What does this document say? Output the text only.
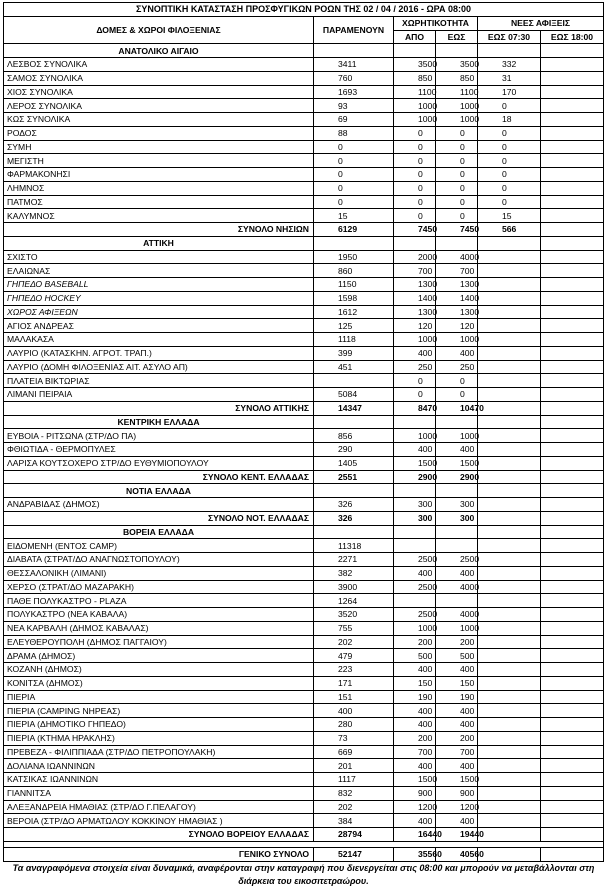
ΣΥΝΟΠΤΙΚΗ ΚΑΤΑΣΤΑΣΗ ΠΡΟΣΦΥΓΙΚΩΝ ΡΟΩΝ ΤΗΣ 02 / 04 / 2016 - ΩΡΑ 08:00					
ΔΟΜΕΣ & ΧΩΡΟΙ ΦΙΛΟΞΕΝΙΑΣ	ΠΑΡΑΜΕΝΟΥΝ	ΧΩΡΗΤΙΚΟΤΗΤΑ		ΝΕΕΣ ΑΦΙΞΕΙΣ	
		ΑΠΟ	ΕΩΣ	ΕΩΣ 07:30	ΕΩΣ 18:00
ΑΝΑΤΟΛΙΚΟ ΑΙΓΑΙΟ					
ΛΕΣΒΟΣ ΣΥΝΟΛΙΚΑ	3411	3500	3500	332	
ΣΑΜΟΣ ΣΥΝΟΛΙΚΑ	760	850	850	31	
ΧΙΟΣ ΣΥΝΟΛΙΚΑ	1693	1100	1100	170	
ΛΕΡΟΣ ΣΥΝΟΛΙΚΑ	93	1000	1000	0	
ΚΩΣ ΣΥΝΟΛΙΚΑ	69	1000	1000	18	
ΡΟΔΟΣ	88	0	0	0	
ΣΥΜΗ	0	0	0	0	
ΜΕΓΙΣΤΗ	0	0	0	0	
ΦΑΡΜΑΚΟΝΗΣΙ	0	0	0	0	
ΛΗΜΝΟΣ	0	0	0	0	
ΠΑΤΜΟΣ	0	0	0	0	
ΚΑΛΥΜΝΟΣ	15	0	0	15	
ΣΥΝΟΛΟ ΝΗΣΙΩΝ	6129	7450	7450	566	
ΑΤΤΙΚΗ					
ΣΧΙΣΤΟ	1950	2000	4000		
ΕΛΑΙΩΝΑΣ	860	700	700		
ΓΗΠΕΔΟ BASEBALL	1150	1300	1300		
ΓΗΠΕΔΟ HOCKEY	1598	1400	1400		
ΧΩΡΟΣ ΑΦΙΞΕΩΝ	1612	1300	1300		
ΑΓΙΟΣ ΑΝΔΡΕΑΣ	125	120	120		
ΜΑΛΑΚΑΣΑ	1118	1000	1000		
ΛΑΥΡΙΟ (ΚΑΤΑΣΚΗΝ. ΑΓΡΟΤ. ΤΡΑΠ.)	399	400	400		
ΛΑΥΡΙΟ (ΔΟΜΗ ΦΙΛΟΞΕΝΙΑΣ ΑΙΤ. ΑΣΥΛΟ ΑΠ)	451	250	250		
ΠΛΑΤΕΙΑ ΒΙΚΤΩΡΙΑΣ		0	0		
ΛΙΜΑΝΙ ΠΕΙΡΑΙΑ	5084	0	0		
ΣΥΝΟΛΟ ΑΤΤΙΚΗΣ	14347	8470	10470		
ΚΕΝΤΡΙΚΗ ΕΛΛΑΔΑ					
ΕΥΒΟΙΑ - ΡΙΤΣΩΝΑ (ΣΤΡ/ΔΟ ΠΑ)	856	1000	1000		
ΦΘΙΩΤΙΔΑ - ΘΕΡΜΟΠΥΛΕΣ	290	400	400		
ΛΑΡΙΣΑ ΚΟΥΤΣΟΧΕΡΟ ΣΤΡ/ΔΟ ΕΥΘΥΜΙΟΠΟΥΛΟΥ	1405	1500	1500		
ΣΥΝΟΛΟ ΚΕΝΤ. ΕΛΛΑΔΑΣ	2551	2900	2900		
ΝΟΤΙΑ ΕΛΛΑΔΑ					
ΑΝΔΡΑΒΙΔΑΣ (ΔΗΜΟΣ)	326	300	300		
ΣΥΝΟΛΟ ΝΟΤ. ΕΛΛΑΔΑΣ	326	300	300		
ΒΟΡΕΙΑ ΕΛΛΑΔΑ					
ΕΙΔΟΜΕΝΗ (ΕΝΤΟΣ CAMP)	11318				
ΔΙΑΒΑΤΑ (ΣΤΡΑΤ/ΔΟ ΑΝΑΓΝΩΣΤΟΠΟΥΛΟΥ)	2271	2500	2500		
ΘΕΣΣΑΛΟΝΙΚΗ (ΛΙΜΑΝΙ)	382	400	400		
ΧΕΡΣΟ (ΣΤΡΑΤ/ΔΟ ΜΑΖΑΡΑΚΗ)	3900	2500	4000		
ΠΑΘΕ ΠΟΛΥΚΑΣΤΡΟ - PLAZA	1264				
ΠΟΛΥΚΑΣΤΡΟ (ΝΕΑ ΚΑΒΑΛΑ)	3520	2500	4000		
ΝΕΑ ΚΑΡΒΑΛΗ (ΔΗΜΟΣ ΚΑΒΑΛΑΣ)	755	1000	1000		
ΕΛΕΥΘΕΡΟΥΠΟΛΗ (ΔΗΜΟΣ ΠΑΓΓΑΙΟΥ)	202	200	200		
ΔΡΑΜΑ (ΔΗΜΟΣ)	479	500	500		
ΚΟΖΑΝΗ (ΔΗΜΟΣ)	223	400	400		
ΚΟΝΙΤΣΑ (ΔΗΜΟΣ)	171	150	150		
ΠΙΕΡΙΑ	151	190	190		
ΠΙΕΡΙΑ (CAMPING ΝΗΡΕΑΣ)	400	400	400		
ΠΙΕΡΙΑ (ΔΗΜΟΤΙΚΟ ΓΗΠΕΔΟ)	280	400	400		
ΠΙΕΡΙΑ (ΚΤΗΜΑ ΗΡΑΚΛΗΣ)	73	200	200		
ΠΡΕΒΕΖΑ - ΦΙΛΙΠΠΙΑΔΑ (ΣΤΡ/ΔΟ ΠΕΤΡΟΠΟΥΛΑΚΗ)	669	700	700		
ΔΟΛΙΑΝΑ ΙΩΑΝΝΙΝΩΝ	201	400	400		
ΚΑΤΣΙΚΑΣ ΙΩΑΝΝΙΝΩΝ	1117	1500	1500		
ΓΙΑΝΝΙΤΣΑ	832	900	900		
ΑΛΕΞΑΝΔΡΕΙΑ ΗΜΑΘΙΑΣ (ΣΤΡ/ΔΟ Γ.ΠΕΛΑΓΟΥ)	202	1200	1200		
ΒΕΡΟΙΑ (ΣΤΡ/ΔΟ ΑΡΜΑΤΩΛΟΥ ΚΟΚΚΙΝΟΥ ΗΜΑΘΙΑΣ )	384	400	400		
ΣΥΝΟΛΟ ΒΟΡΕΙΟΥ ΕΛΛΑΔΑΣ	28794	16440	19440		

ΓΕΝΙΚΟ ΣΥΝΟΛΟ	52147	35560	40560		
Τα αναγραφόμενα στοιχεία είναι δυναμικά, αναφέρονται στην καταγραφή που διενεργείται στις 08:00 και μπορούν να μεταβάλλονται στη διάρκεια του εικοσιτετραώρου.					
